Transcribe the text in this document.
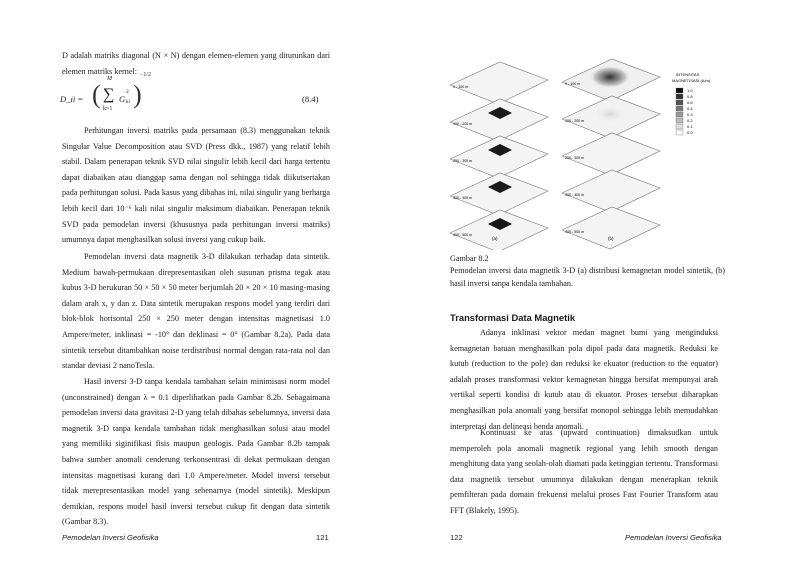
D adalah matriks diagonal (N × N) dengan elemen-elemen yang diturunkan dari elemen matriks kernel:

D_ii = (
M
∑
k=1
G
2
ki )
−1/2
(8.4)

Perhitungan inversi matriks pada persamaan (8.3) menggunakan teknik Singular Value Decomposition atau SVD (Press dkk., 1987) yang relatif lebih stabil. Dalam penerapan teknik SVD nilai singulir lebih kecil dari harga tertentu dapat diabaikan atau dianggap sama dengan nol sehingga tidak diikutsertakan pada perhitungan solusi. Pada kasus yang dibahas ini, nilai singulir yang berharga lebih kecil dari 10⁻⁶ kali nilai singulir maksimum diabaikan. Penerapan teknik SVD pada pemodelan inversi (khususnya pada perhitungan inversi matriks) umumnya dapat menghasilkan solusi inversi yang cukup baik.

Pemodelan inversi data magnetik 3-D dilakukan terhadap data sintetik. Medium bawah-permukaan direpresentasikan oleh susunan prisma tegak atau kubus 3-D berukuran 50 × 50 × 50 meter berjumlah 20 × 20 × 10 masing-masing dalam arah x, y dan z. Data sintetik merupakan respons model yang terdiri dari blok-blok horisontal 250 × 250 meter dengan intensitas magnetisasi 1.0 Ampere/meter, inklinasi = -10° dan deklinasi = 0° (Gambar 8.2a). Pada data sintetik tersebut ditambahkan noise terdistribusi normal dengan rata-rata nol dan standar deviasi 2 nanoTesla.

Hasil inversi 3-D tanpa kendala tambahan selain minimisasi norm model (unconstrained) dengan λ = 0.1 diperlihatkan pada Gambar 8.2b. Sebagaimana pemodelan inversi data gravitasi 2-D yang telah dibahas sebelumnya, inversi data magnetik 3-D tanpa kendala tambahan tidak menghasilkan solusi atau model yang memiliki siginifikasi fisis maupun geologis. Pada Gambar 8.2b tampak bahwa sumber anomali cenderung terkonsentrasi di dekat permukaan dengan intensitas magnetisasi kurang dari 1.0 Ampere/meter. Model inversi tersebut tidak merepresentasikan model yang sebenarnya (model sintetik). Meskipun demikian, respons model hasil inversi tersebut cukup fit dengan data sintetik (Gambar 8.3).

Pemodelan Inversi Geofisika	121
Gambar 8.2

Pemodelan inversi data magnetik 3-D (a) distribusi kemagnetan model sintetik, (b) hasil inversi tanpa kendala tambahan.

Transformasi Data Magnetik

Adanya inklinasi vektor medan magnet bumi yang menginduksi kemagnetan batuan menghasilkan pola dipol pada data magnetik. Reduksi ke kutub (reduction to the pole) dan reduksi ke ekuator (reduction to the equator) adalah proses transformasi vektor kemagnetan hingga bersifat mempunyai arah vertikal seperti kondisi di kutub atau di ekuator. Proses tersebut diharapkan menghasilkan pola anomali yang bersifat monopol sehingga lebih memudahkan interpretasi dan delineasi benda anomali.

Kontinuasi ke atas (upward continuation) dimaksudkan untuk memperoleh pola anomali magnetik regional yang lebih smooth dengan menghitung data yang seolah-olah diamati pada ketinggian tertentu. Transformasi data magnetik tersebut umumnya dilakukan dengan menerapkan teknik pemfilteran pada domain frekuensi melalui proses Fast Fourier Transform atau FFT (Blakely, 1995).

122	Pemodelan Inversi Geofisika
0 - 100 m
100 - 200 m
200 - 300 m
300 - 400 m
400 - 500 m
0 - 100 m
100 - 200 m
200 - 300 m
300 - 400 m
400 - 500 m
INTENSITAS
MAGNETISASI (A/m)
1.0
0.8
0.6
0.4
0.3
0.2
0.1
0.0
(a)	(b)
